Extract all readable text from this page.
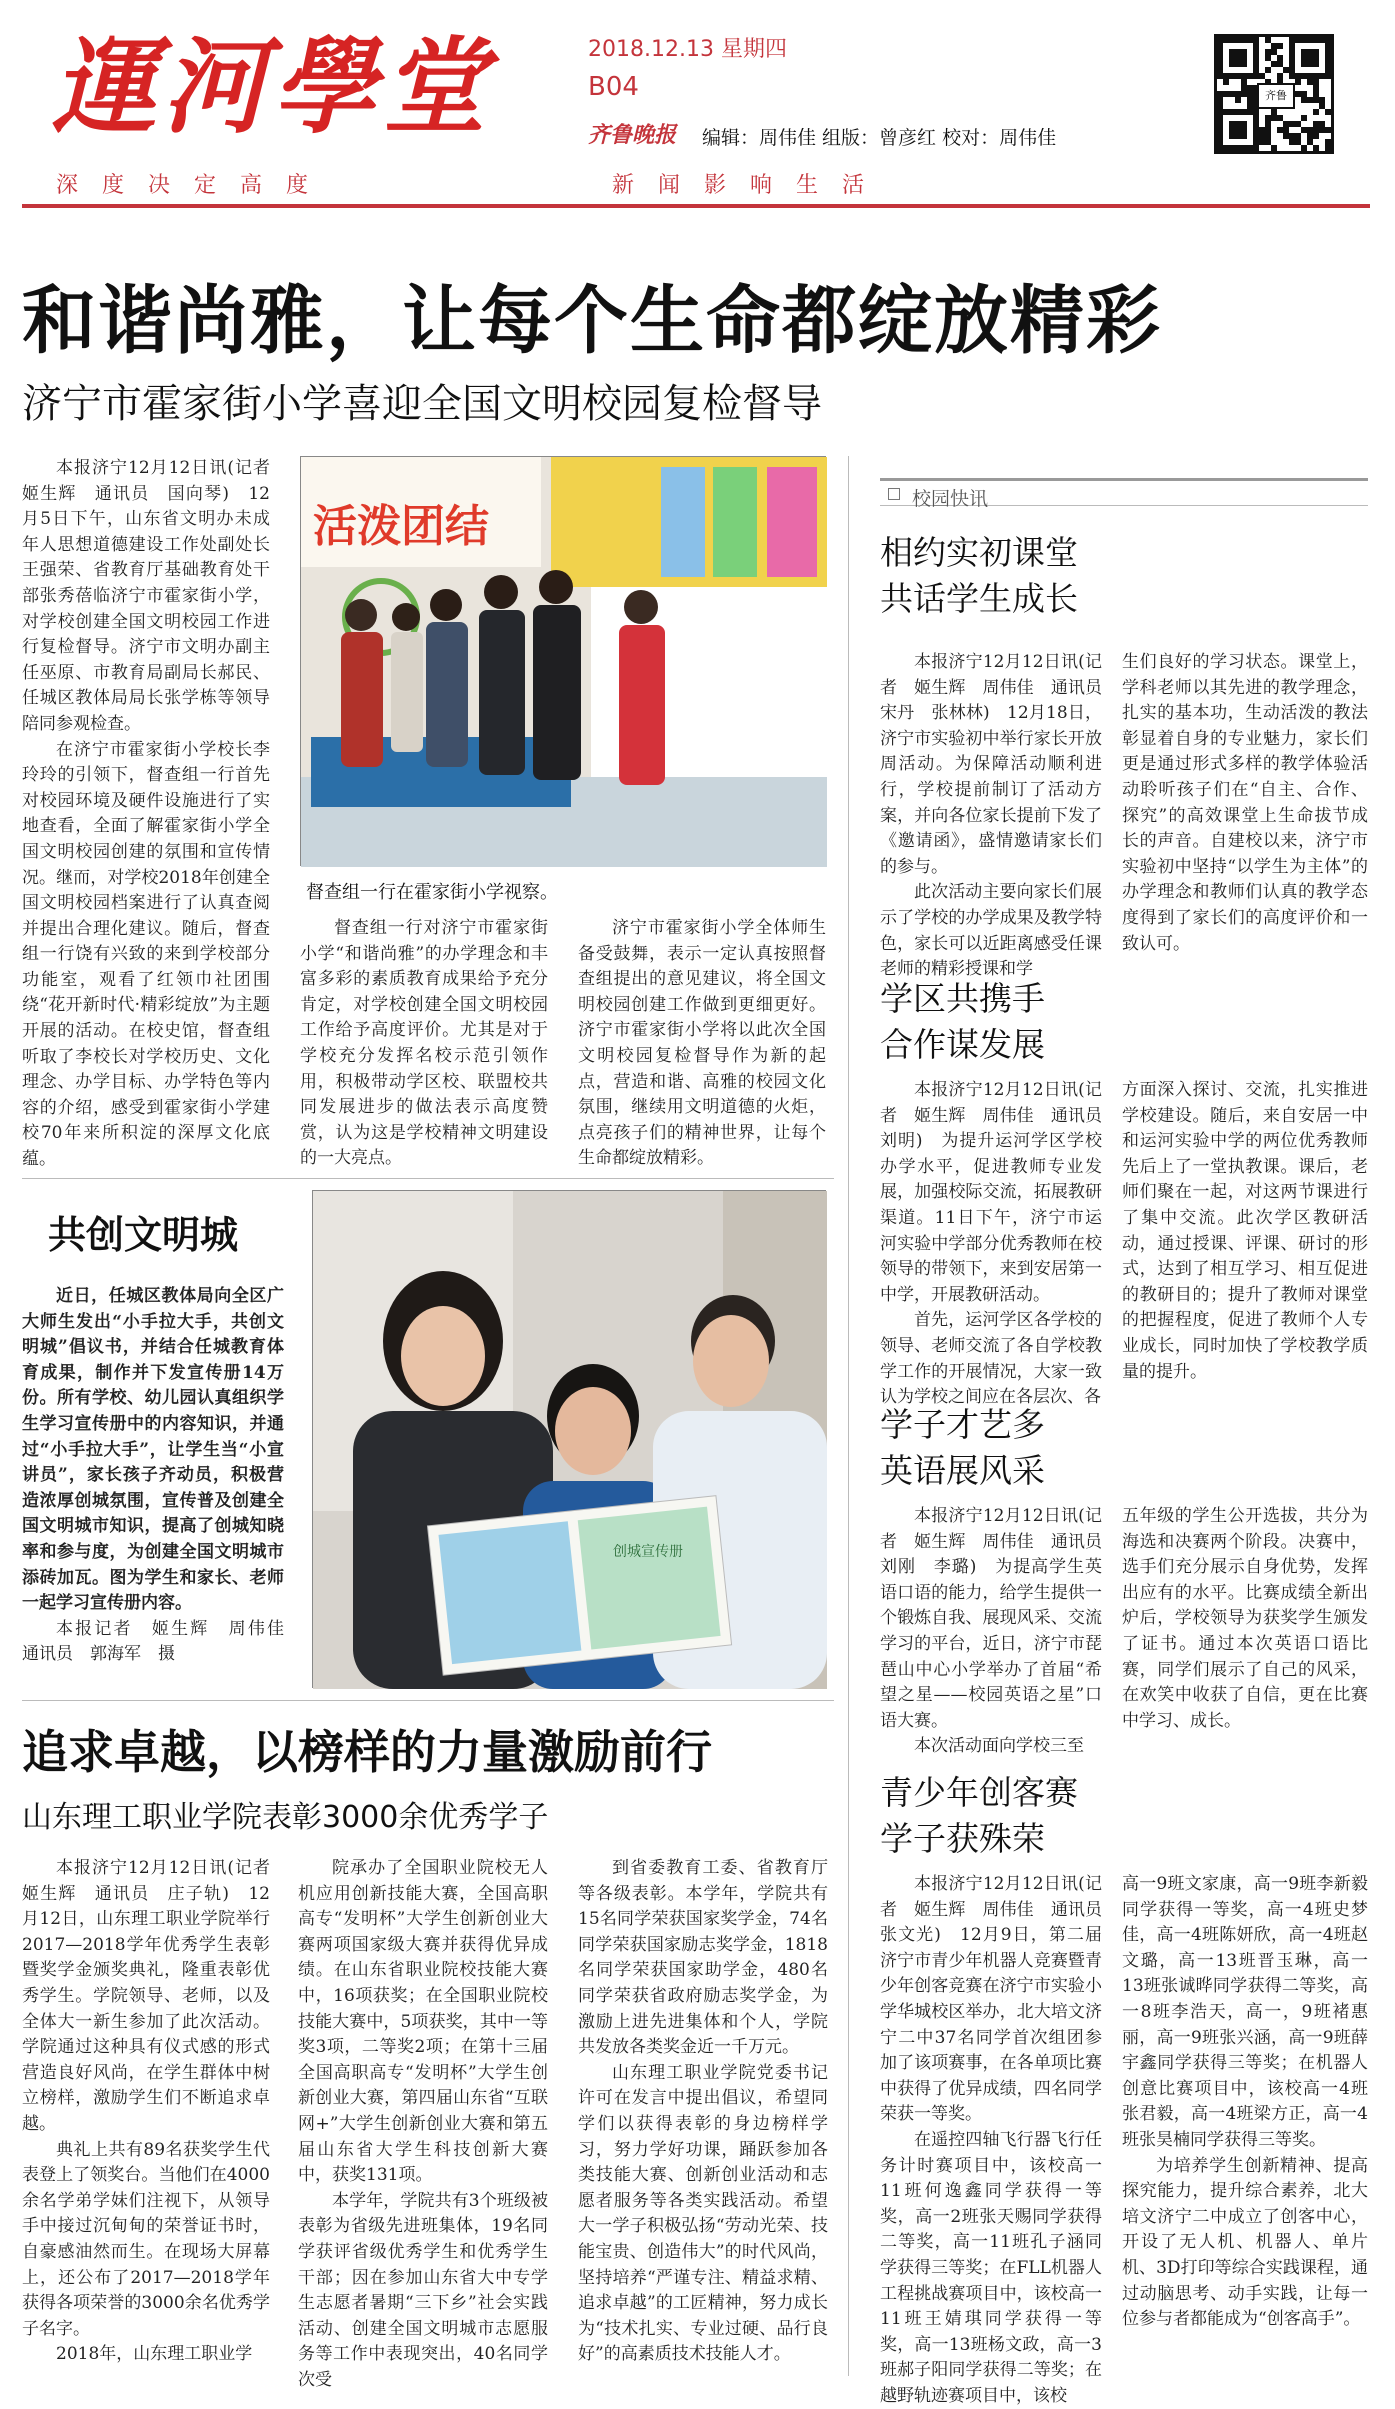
運河學堂	2018.12.13 星期四
B04
齐鲁晚报 编辑：周伟佳 组版：曾彦红 校对：周伟佳
齐鲁
深度决定高度	新闻影响生活
和谐尚雅，让每个生命都绽放精彩
济宁市霍家街小学喜迎全国文明校园复检督导

本报济宁12月12日讯(记者　姬生辉　通讯员　国向琴)　12月5日下午，山东省文明办未成年人思想道德建设工作处副处长王强荣、省教育厅基础教育处干部张秀蓓临济宁市霍家街小学，对学校创建全国文明校园工作进行复检督导。济宁市文明办副主任巫原、市教育局副局长郝民、任城区教体局局长张学栋等领导陪同参观检查。

在济宁市霍家街小学校长李玲玲的引领下，督查组一行首先对校园环境及硬件设施进行了实地查看，全面了解霍家街小学全国文明校园创建的氛围和宣传情况。继而，对学校2018年创建全国文明校园档案进行了认真查阅并提出合理化建议。随后，督查组一行饶有兴致的来到学校部分功能室，观看了红领巾社团围绕“花开新时代·精彩绽放”为主题开展的活动。在校史馆，督查组听取了李校长对学校历史、文化理念、办学目标、办学特色等内容的介绍，感受到霍家街小学建校70年来所积淀的深厚文化底蕴。

活泼团结
督查组一行在霍家街小学视察。

督查组一行对济宁市霍家街小学“和谐尚雅”的办学理念和丰富多彩的素质教育成果给予充分肯定，对学校创建全国文明校园工作给予高度评价。尤其是对于学校充分发挥名校示范引领作用，积极带动学区校、联盟校共同发展进步的做法表示高度赞赏，认为这是学校精神文明建设的一大亮点。

济宁市霍家街小学全体师生备受鼓舞，表示一定认真按照督查组提出的意见建议，将全国文明校园创建工作做到更细更好。济宁市霍家街小学将以此次全国文明校园复检督导作为新的起点，营造和谐、高雅的校园文化氛围，继续用文明道德的火炬，点亮孩子们的精神世界，让每个生命都绽放精彩。

共创文明城

近日，任城区教体局向全区广大师生发出“小手拉大手，共创文明城”倡议书，并结合任城教育体育成果，制作并下发宣传册14万份。所有学校、幼儿园认真组织学生学习宣传册中的内容知识，并通过“小手拉大手”，让学生当“小宣讲员”，家长孩子齐动员，积极营造浓厚创城氛围，宣传普及创建全国文明城市知识，提高了创城知晓率和参与度，为创建全国文明城市添砖加瓦。图为学生和家长、老师一起学习宣传册内容。

本报记者　姬生辉　周伟佳　通讯员　郭海军　摄

创城宣传册
追求卓越，以榜样的力量激励前行
山东理工职业学院表彰3000余优秀学子

本报济宁12月12日讯(记者　姬生辉　通讯员　庄子轨)　12月12日，山东理工职业学院举行2017—2018学年优秀学生表彰暨奖学金颁奖典礼，隆重表彰优秀学生。学院领导、老师，以及全体大一新生参加了此次活动。学院通过这种具有仪式感的形式营造良好风尚，在学生群体中树立榜样，激励学生们不断追求卓越。

典礼上共有89名获奖学生代表登上了领奖台。当他们在4000余名学弟学妹们注视下，从领导手中接过沉甸甸的荣誉证书时，自豪感油然而生。在现场大屏幕上，还公布了2017—2018学年获得各项荣誉的3000余名优秀学子名字。

2018年，山东理工职业学

院承办了全国职业院校无人机应用创新技能大赛，全国高职高专“发明杯”大学生创新创业大赛两项国家级大赛并获得优异成绩。在山东省职业院校技能大赛中，16项获奖；在全国职业院校技能大赛中，5项获奖，其中一等奖3项，二等奖2项；在第十三届全国高职高专“发明杯”大学生创新创业大赛，第四届山东省“互联网+”大学生创新创业大赛和第五届山东省大学生科技创新大赛中，获奖131项。

本学年，学院共有3个班级被表彰为省级先进班集体，19名同学获评省级优秀学生和优秀学生干部；因在参加山东省大中专学生志愿者暑期“三下乡”社会实践活动、创建全国文明城市志愿服务等工作中表现突出，40名同学次受

到省委教育工委、省教育厅等各级表彰。本学年，学院共有15名同学荣获国家奖学金，74名同学荣获国家励志奖学金，1818名同学荣获国家助学金，480名同学荣获省政府励志奖学金，为激励上进先进集体和个人，学院共发放各类奖金近一千万元。

山东理工职业学院党委书记许可在发言中提出倡议，希望同学们以获得表彰的身边榜样学习，努力学好功课，踊跃参加各类技能大赛、创新创业活动和志愿者服务等各类实践活动。希望大一学子积极弘扬“劳动光荣、技能宝贵、创造伟大”的时代风尚，坚持培养“严谨专注、精益求精、追求卓越”的工匠精神，努力成长为“技术扎实、专业过硬、品行良好”的高素质技术技能人才。

校园快讯
相约实初课堂
共话学生成长

本报济宁12月12日讯(记者　姬生辉　周伟佳　通讯员　宋丹　张林林)　12月18日，济宁市实验初中举行家长开放周活动。为保障活动顺利进行，学校提前制订了活动方案，并向各位家长提前下发了《邀请函》，盛情邀请家长们的参与。

此次活动主要向家长们展示了学校的办学成果及教学特色，家长可以近距离感受任课老师的精彩授课和学

生们良好的学习状态。课堂上，学科老师以其先进的教学理念，扎实的基本功，生动活泼的教法彰显着自身的专业魅力，家长们更是通过形式多样的教学体验活动聆听孩子们在“自主、合作、探究”的高效课堂上生命拔节成长的声音。自建校以来，济宁市实验初中坚持“以学生为主体”的办学理念和教师们认真的教学态度得到了家长们的高度评价和一致认可。

学区共携手
合作谋发展

本报济宁12月12日讯(记者　姬生辉　周伟佳　通讯员　刘明)　为提升运河学区学校办学水平，促进教师专业发展，加强校际交流，拓展教研渠道。11日下午，济宁市运河实验中学部分优秀教师在校领导的带领下，来到安居第一中学，开展教研活动。

首先，运河学区各学校的领导、老师交流了各自学校教学工作的开展情况，大家一致认为学校之间应在各层次、各

方面深入探讨、交流，扎实推进学校建设。随后，来自安居一中和运河实验中学的两位优秀教师先后上了一堂执教课。课后，老师们聚在一起，对这两节课进行了集中交流。此次学区教研活动，通过授课、评课、研讨的形式，达到了相互学习、相互促进的教研目的；提升了教师对课堂的把握程度，促进了教师个人专业成长，同时加快了学校教学质量的提升。

学子才艺多
英语展风采

本报济宁12月12日讯(记者　姬生辉　周伟佳　通讯员　刘刚　李璐)　为提高学生英语口语的能力，给学生提供一个锻炼自我、展现风采、交流学习的平台，近日，济宁市琵琶山中心小学举办了首届“希望之星——校园英语之星”口语大赛。

本次活动面向学校三至

五年级的学生公开选拔，共分为海选和决赛两个阶段。决赛中，选手们充分展示自身优势，发挥出应有的水平。比赛成绩全新出炉后，学校领导为获奖学生颁发了证书。通过本次英语口语比赛，同学们展示了自己的风采，在欢笑中收获了自信，更在比赛中学习、成长。

青少年创客赛
学子获殊荣

本报济宁12月12日讯(记者　姬生辉　周伟佳　通讯员　张文光)　12月9日，第二届济宁市青少年机器人竞赛暨青少年创客竞赛在济宁市实验小学华城校区举办，北大培文济宁二中37名同学首次组团参加了该项赛事，在各单项比赛中获得了优异成绩，四名同学荣获一等奖。

在遥控四轴飞行器飞行任务计时赛项目中，该校高一11班何逸鑫同学获得一等奖，高一2班张天赐同学获得二等奖，高一11班孔子涵同学获得三等奖；在FLL机器人工程挑战赛项目中，该校高一11班王婧琪同学获得一等奖，高一13班杨文政，高一3班郝子阳同学获得二等奖；在越野轨迹赛项目中，该校

高一9班文家康，高一9班李新毅同学获得一等奖，高一4班史梦佳，高一4班陈妍欣，高一4班赵文璐，高一13班晋玉琳，高一13班张诚晔同学获得二等奖，高一8班李浩天，高一，9班褚惠丽，高一9班张兴涵，高一9班薛宇鑫同学获得三等奖；在机器人创意比赛项目中，该校高一4班张君毅，高一4班梁方正，高一4班张昊楠同学获得三等奖。

为培养学生创新精神、提高探究能力，提升综合素养，北大培文济宁二中成立了创客中心，开设了无人机、机器人、单片机、3D打印等综合实践课程，通过动脑思考、动手实践，让每一位参与者都能成为“创客高手”。
